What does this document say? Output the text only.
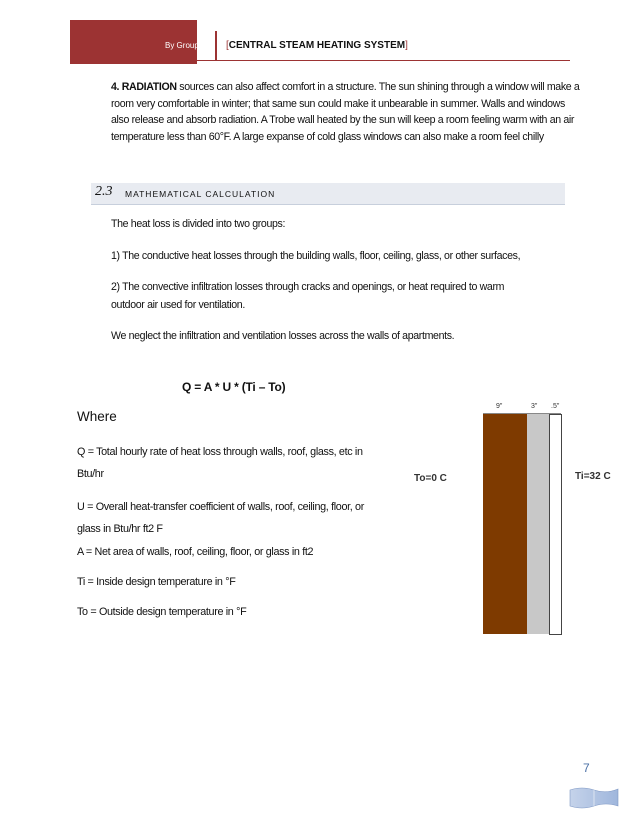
By Group B [CENTRAL STEAM HEATING SYSTEM]
4. RADIATION sources can also affect comfort in a structure. The sun shining through a window will make a room very comfortable in winter; that same sun could make it unbearable in summer. Walls and windows also release and absorb radiation. A Trobe wall heated by the sun will keep a room feeling warm with an air temperature less than 60°F. A large expanse of cold glass windows can also make a room feel chilly
2.3 MATHEMATICAL CALCULATION
The heat loss is divided into two groups:
1) The conductive heat losses through the building walls, floor, ceiling, glass, or other surfaces,
2) The convective infiltration losses through cracks and openings, or heat required to warm
outdoor air used for ventilation.
We neglect the infiltration and ventilation losses across the walls of apartments.
Q = A * U * (Ti – To)
Where
Q = Total hourly rate of heat loss through walls, roof, glass, etc in Btu/hr
U = Overall heat-transfer coefficient of walls, roof, ceiling, floor, or glass in Btu/hr ft2 F
A = Net area of walls, roof, ceiling, floor, or glass in ft2
Ti = Inside design temperature in °F
To = Outside design temperature in °F
9"	3" .5"
To=0 C	Ti=32 C
7
